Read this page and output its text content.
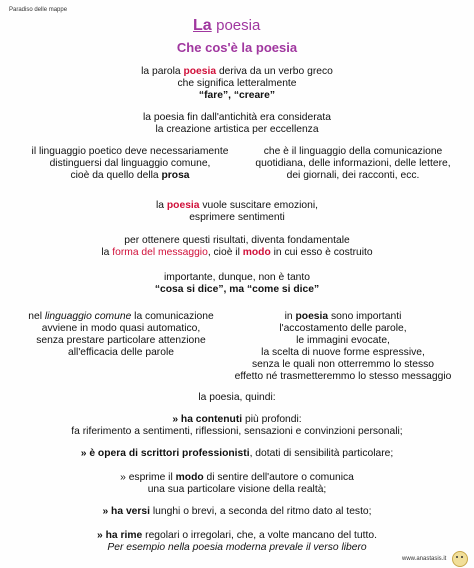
Paradiso delle mappe
La poesia
Che cos'è la poesia
la parola poesia deriva da un verbo greco
che significa letteralmente
“fare”, “creare”
la poesia fin dall'antichità era considerata
la creazione artistica per eccellenza
il linguaggio poetico deve necessariamente
distinguersi dal linguaggio comune,
cioè da quello della prosa
che è il linguaggio della comunicazione
quotidiana, delle informazioni, delle lettere,
dei giornali, dei racconti, ecc.
la poesia vuole suscitare emozioni,
esprimere sentimenti
per ottenere questi risultati, diventa fondamentale
la forma del messaggio, cioè il modo in cui esso è costruito
importante, dunque, non è tanto
“cosa si dice”, ma “come si dice”
nel linguaggio comune la comunicazione
avviene in modo quasi automatico,
senza prestare particolare attenzione
all'efficacia delle parole
in poesia sono importanti
l'accostamento delle parole,
le immagini evocate,
la scelta di nuove forme espressive,
senza le quali non otterremmo lo stesso
effetto né trasmetteremmo lo stesso messaggio
la poesia, quindi:
» ha contenuti più profondi:
fa riferimento a sentimenti, riflessioni, sensazioni e convinzioni personali;
» è opera di scrittori professionisti, dotati di sensibilità particolare;
» esprime il modo di sentire dell'autore o comunica
una sua particolare visione della realtà;
» ha versi lunghi o brevi, a seconda del ritmo dato al testo;
» ha rime regolari o irregolari, che, a volte mancano del tutto.
Per esempio nella poesia moderna prevale il verso libero
www.anastasis.it
